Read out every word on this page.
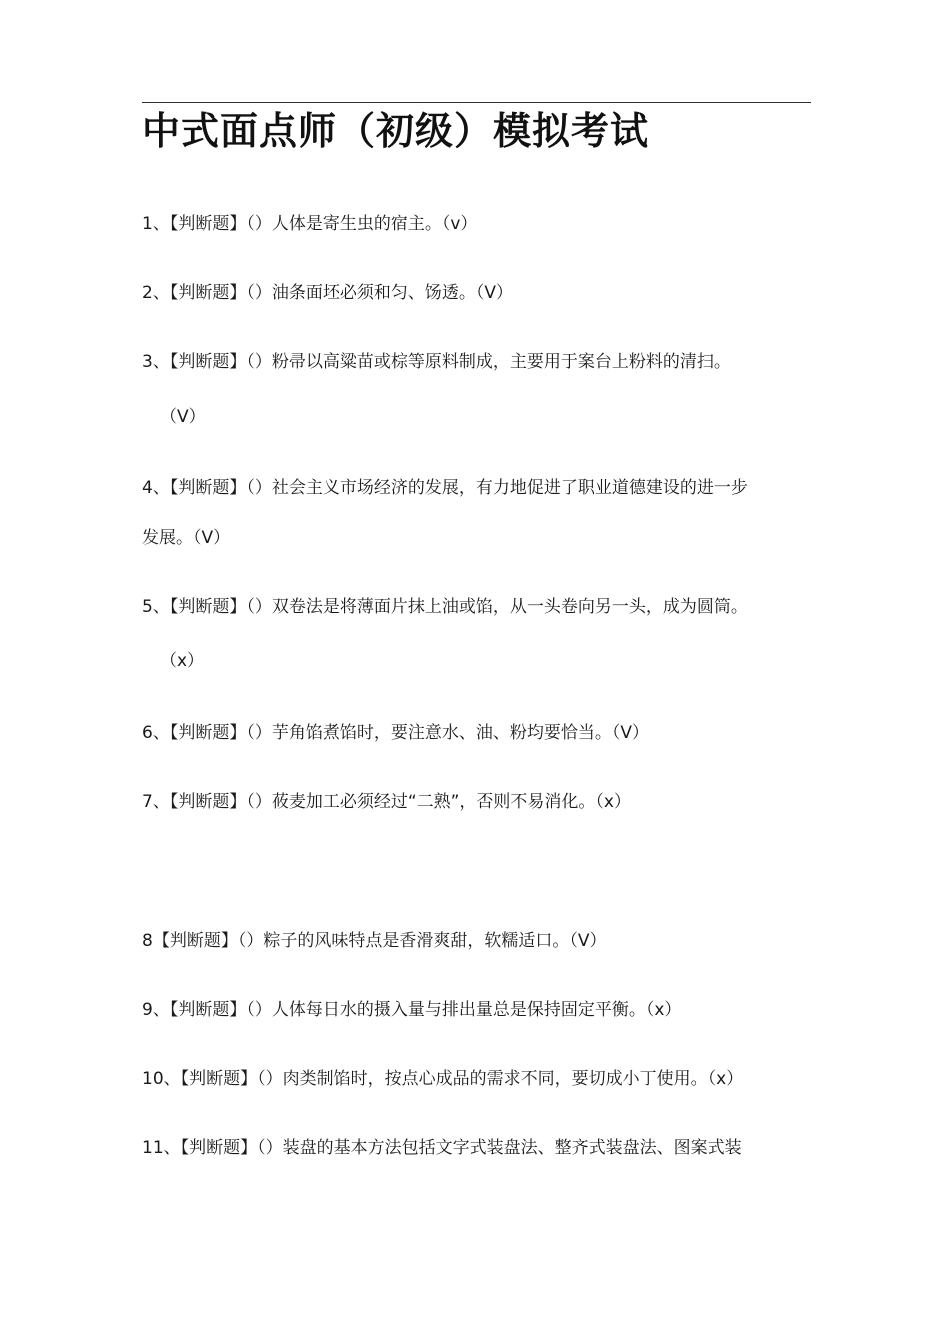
中式面点师（初级）模拟考试
1、【判断题】（）人体是寄生虫的宿主。（v）
2、【判断题】（）油条面坯必须和匀、饧透。（V）
3、【判断题】（）粉帚以高粱苗或棕等原料制成，主要用于案台上粉料的清扫。
（V）
4、【判断题】（）社会主义市场经济的发展，有力地促进了职业道德建设的进一步
发展。（V）
5、【判断题】（）双卷法是将薄面片抹上油或馅，从一头卷向另一头，成为圆筒。
（x）
6、【判断题】（）芋角馅煮馅时，要注意水、油、粉均要恰当。（V）
7、【判断题】（）莜麦加工必须经过“二熟”，否则不易消化。（x）
8【判断题】（）粽子的风味特点是香滑爽甜，软糯适口。（V）
9、【判断题】（）人体每日水的摄入量与排出量总是保持固定平衡。（x）
10、【判断题】（）肉类制馅时，按点心成品的需求不同，要切成小丁使用。（x）
11、【判断题】（）装盘的基本方法包括文字式装盘法、整齐式装盘法、图案式装
